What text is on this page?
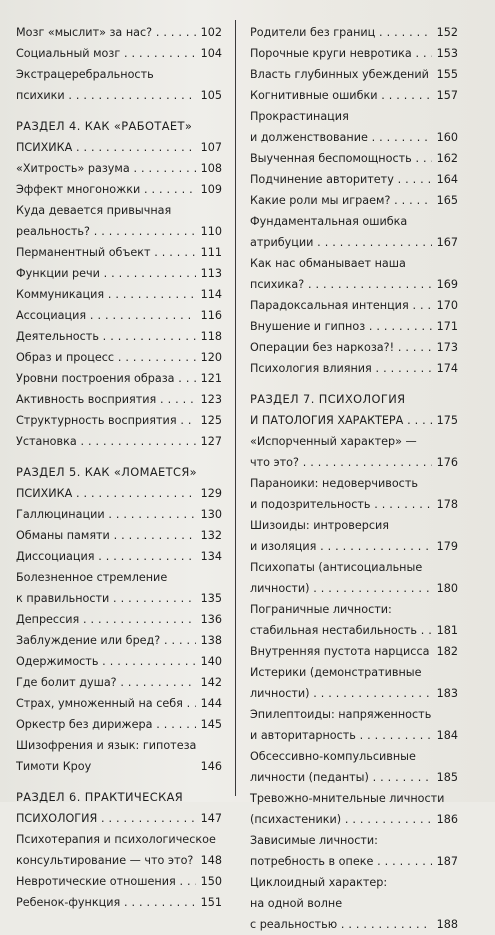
Мозг «мыслит» за нас? . . .	102
Социальный мозг . . .	104
Экстрацеребральность
психики . . .	105
РАЗДЕЛ 4. КАК «РАБОТАЕТ»
ПСИХИКА . . .	107
«Хитрость» разума . . .	108
Эффект многоножки . . .	109
Куда девается привычная
реальность? . . .	110
Перманентный объект . . .	111
Функции речи . . .	113
Коммуникация . . .	114
Ассоциация . . .	116
Деятельность . . .	118
Образ и процесс . . .	120
Уровни построения образа . . .	121
Активность восприятия . . .	123
Структурность восприятия . . .	125
Установка . . .	127
РАЗДЕЛ 5. КАК «ЛОМАЕТСЯ»
ПСИХИКА . . .	129
Галлюцинации . . .	130
Обманы памяти . . .	132
Диссоциация . . .	134
Болезненное стремление
к правильности . . .	135
Депрессия . . .	136
Заблуждение или бред? . . .	138
Одержимость . . .	140
Где болит душа? . . .	142
Страх, умноженный на себя . . .	144
Оркестр без дирижера . . .	145
Шизофрения и язык: гипотеза
Тимоти Кроу	146
РАЗДЕЛ 6. ПРАКТИЧЕСКАЯ
ПСИХОЛОГИЯ . . .	147
Психотерапия и психологическое
консультирование — что это? . . . 148
Невротические отношения . . .	150
Ребенок-функция . . .	151
Родители без границ . . .	152
Порочные круги невротика . . .	153
Власть глубинных убеждений . . . 155
Когнитивные ошибки . . .	157
Прокрастинация
и долженствование . . .	160
Выученная беспомощность . . .	162
Подчинение авторитету . . .	164
Какие роли мы играем? . . .	165
Фундаментальная ошибка
атрибуции . . .	167
Как нас обманывает наша
психика? . . .	169
Парадоксальная интенция . . .	170
Внушение и гипноз . . .	171
Операции без наркоза?! . . .	173
Психология влияния . . .	174
РАЗДЕЛ 7. ПСИХОЛОГИЯ
И ПАТОЛОГИЯ ХАРАКТЕРА . . .	175
«Испорченный характер» —
что это? . . .	176
Параноики: недоверчивость
и подозрительность . . .	178
Шизоиды: интроверсия
и изоляция . . .	179
Психопаты (антисоциальные
личности) . . .	180
Пограничные личности:
стабильная нестабильность . . .	181
Внутренняя пустота нарцисса . . . 182
Истерики (демонстративные
личности) . . .	183
Эпилептоиды: напряженность
и авторитарность . . .	184
Обсессивно-компульсивные
личности (педанты) . . .	185
Тревожно-мнительные личности
(психастеники) . . .	186
Зависимые личности:
потребность в опеке . . .	187
Циклоидный характер:
на одной волне
с реальностью . . .	188
